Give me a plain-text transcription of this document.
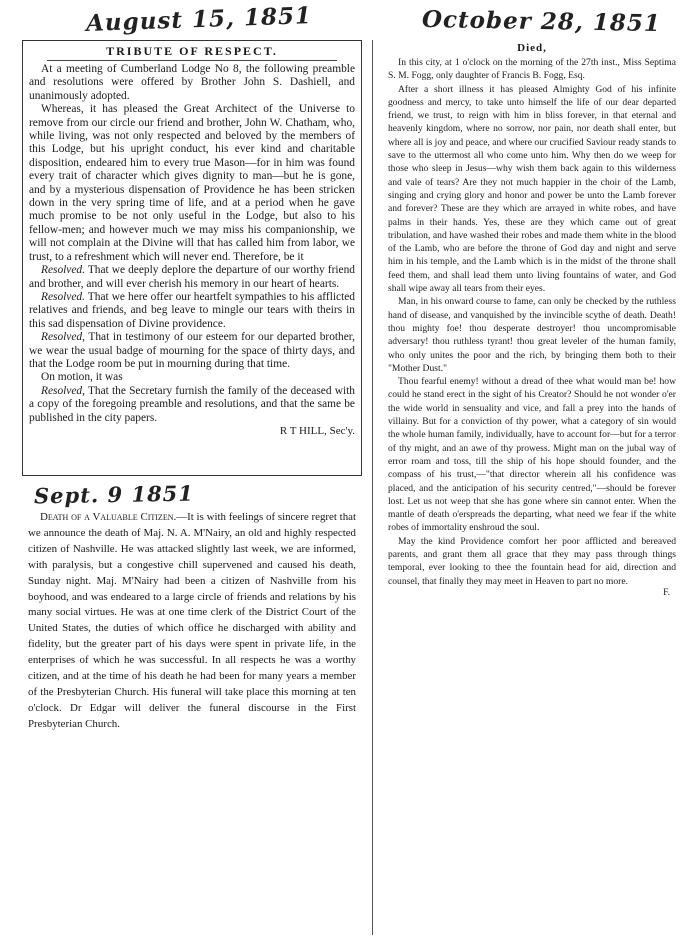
August 15, 1851	October 28, 1851
Sept. 9 1851
TRIBUTE OF RESPECT.

At a meeting of Cumberland Lodge No 8, the following preamble and resolutions were offered by Brother John S. Dashiell, and unanimously adopted.

Whereas, it has pleased the Great Architect of the Universe to remove from our circle our friend and brother, John W. Chatham, who, while living, was not only respected and beloved by the members of this Lodge, but his upright conduct, his ever kind and charitable disposition, endeared him to every true Mason—for in him was found every trait of character which gives dignity to man—but he is gone, and by a mysterious dispensation of Providence he has been stricken down in the very spring time of life, and at a period when he gave much promise to be not only useful in the Lodge, but also to his fellow-men; and however much we may miss his companionship, we will not complain at the Divine will that has called him from labor, we trust, to a refreshment which will never end. Therefore, be it

Resolved. That we deeply deplore the departure of our worthy friend and brother, and will ever cherish his memory in our heart of hearts.

Resolved. That we here offer our heartfelt sympathies to his afflicted relatives and friends, and beg leave to mingle our tears with theirs in this sad dispensation of Divine providence.

Resolved, That in testimony of our esteem for our departed brother, we wear the usual badge of mourning for the space of thirty days, and that the Lodge room be put in mourning during that time.

On motion, it was

Resolved, That the Secretary furnish the family of the deceased with a copy of the foregoing preamble and resolutions, and that the same be published in the city papers.

R T HILL, Sec'y.

Death of a Valuable Citizen.—It is with feelings of sincere regret that we announce the death of Maj. N. A. M'Nairy, an old and highly respected citizen of Nashville. He was attacked slightly last week, we are informed, with paralysis, but a congestive chill supervened and caused his death, Sunday night. Maj. M'Nairy had been a citizen of Nashville from his boyhood, and was endeared to a large circle of friends and relations by his many social virtues. He was at one time clerk of the District Court of the United States, the duties of which office he discharged with ability and fidelity, but the greater part of his days were spent in private life, in the enterprises of which he was successful. In all respects he was a worthy citizen, and at the time of his death he had been for many years a member of the Presbyterian Church. His funeral will take place this morning at ten o'clock. Dr Edgar will deliver the funeral discourse in the First Presbyterian Church.

Died,

In this city, at 1 o'clock on the morning of the 27th inst., Miss Septima S. M. Fogg, only daughter of Francis B. Fogg, Esq.

After a short illness it has pleased Almighty God of his infinite goodness and mercy, to take unto himself the life of our dear departed friend, we trust, to reign with him in bliss forever, in that eternal and heavenly kingdom, where no sorrow, nor pain, nor death shall enter, but where all is joy and peace, and where our crucified Saviour ready stands to save to the uttermost all who come unto him. Why then do we weep for those who sleep in Jesus—why wish them back again to this wilderness and vale of tears? Are they not much happier in the choir of the Lamb, singing and crying glory and honor and power be unto the Lamb forever and forever? These are they which are arrayed in white robes, and have palms in their hands. Yes, these are they which came out of great tribulation, and have washed their robes and made them white in the blood of the Lamb, who are before the throne of God day and night and serve him in his temple, and the Lamb which is in the midst of the throne shall feed them, and shall lead them unto living fountains of water, and God shall wipe away all tears from their eyes.

Man, in his onward course to fame, can only be checked by the ruthless hand of disease, and vanquished by the invincible scythe of death. Death! thou mighty foe! thou desperate destroyer! thou uncompromisable adversary! thou ruthless tyrant! thou great leveler of the human family, who only unites the poor and the rich, by bringing them both to their "Mother Dust."

Thou fearful enemy! without a dread of thee what would man be! how could he stand erect in the sight of his Creator? Should he not wonder o'er the wide world in sensuality and vice, and fall a prey into the hands of villainy. But for a conviction of thy power, what a category of sin would the whole human family, individually, have to account for—but for a terror of thy might, and an awe of thy prowess. Might man on the jubal way of error roam and toss, till the ship of his hope should founder, and the compass of his trust,—"that director wherein all his confidence was placed, and the anticipation of his security centred,"—should be forever lost. Let us not weep that she has gone where sin cannot enter. When the mantle of death o'erspreads the departing, what need we fear if the white robes of immortality enshroud the soul.

May the kind Providence comfort her poor afflicted and bereaved parents, and grant them all grace that they may pass through things temporal, ever looking to thee the fountain head for aid, direction and counsel, that finally they may meet in Heaven to part no more.

F.
